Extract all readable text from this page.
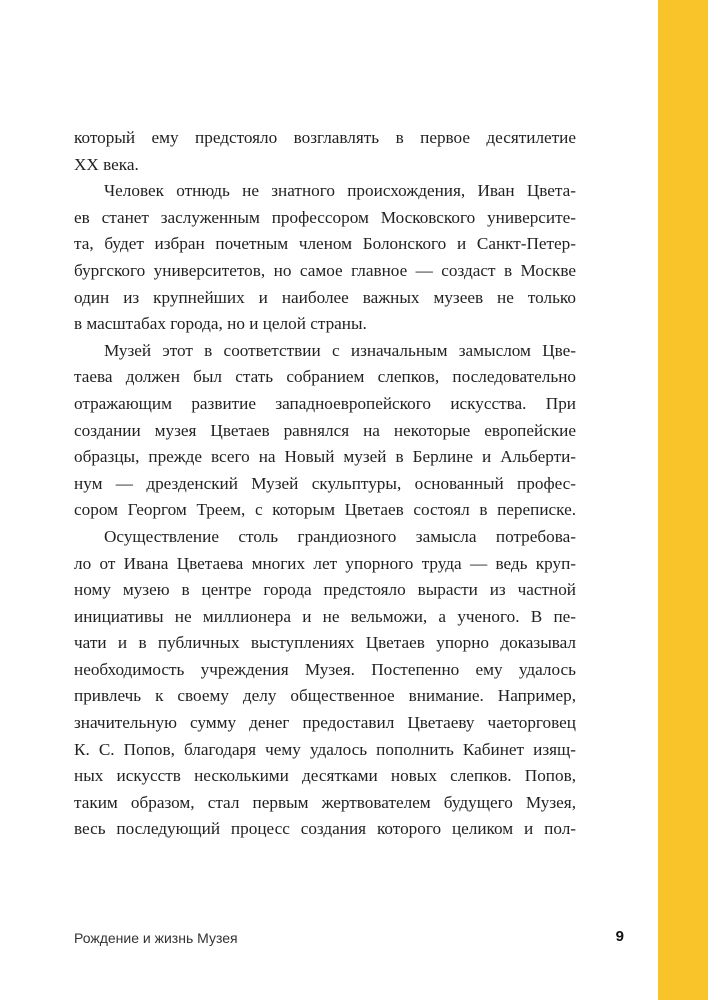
который ему предстояло возглавлять в первое десятилетие
XX века.
Человек отнюдь не знатного происхождения, Иван Цвета-
ев станет заслуженным профессором Московского университе-
та, будет избран почетным членом Болонского и Санкт-Петер-
бургского университетов, но самое главное — создаст в Москве
один из крупнейших и наиболее важных музеев не только
в масштабах города, но и целой страны.
Музей этот в соответствии с изначальным замыслом Цве-
таева должен был стать собранием слепков, последовательно
отражающим развитие западноевропейского искусства. При
создании музея Цветаев равнялся на некоторые европейские
образцы, прежде всего на Новый музей в Берлине и Альберти-
нум — дрезденский Музей скульптуры, основанный профес-
сором Георгом Треем, с которым Цветаев состоял в переписке.
Осуществление столь грандиозного замысла потребова-
ло от Ивана Цветаева многих лет упорного труда — ведь круп-
ному музею в центре города предстояло вырасти из частной
инициативы не миллионера и не вельможи, а ученого. В пе-
чати и в публичных выступлениях Цветаев упорно доказывал
необходимость учреждения Музея. Постепенно ему удалось
привлечь к своему делу общественное внимание. Например,
значительную сумму денег предоставил Цветаеву чаеторговец
К. С. Попов, благодаря чему удалось пополнить Кабинет изящ-
ных искусств несколькими десятками новых слепков. Попов,
таким образом, стал первым жертвователем будущего Музея,
весь последующий процесс создания которого целиком и пол-
Рождение и жизнь Музея	9
